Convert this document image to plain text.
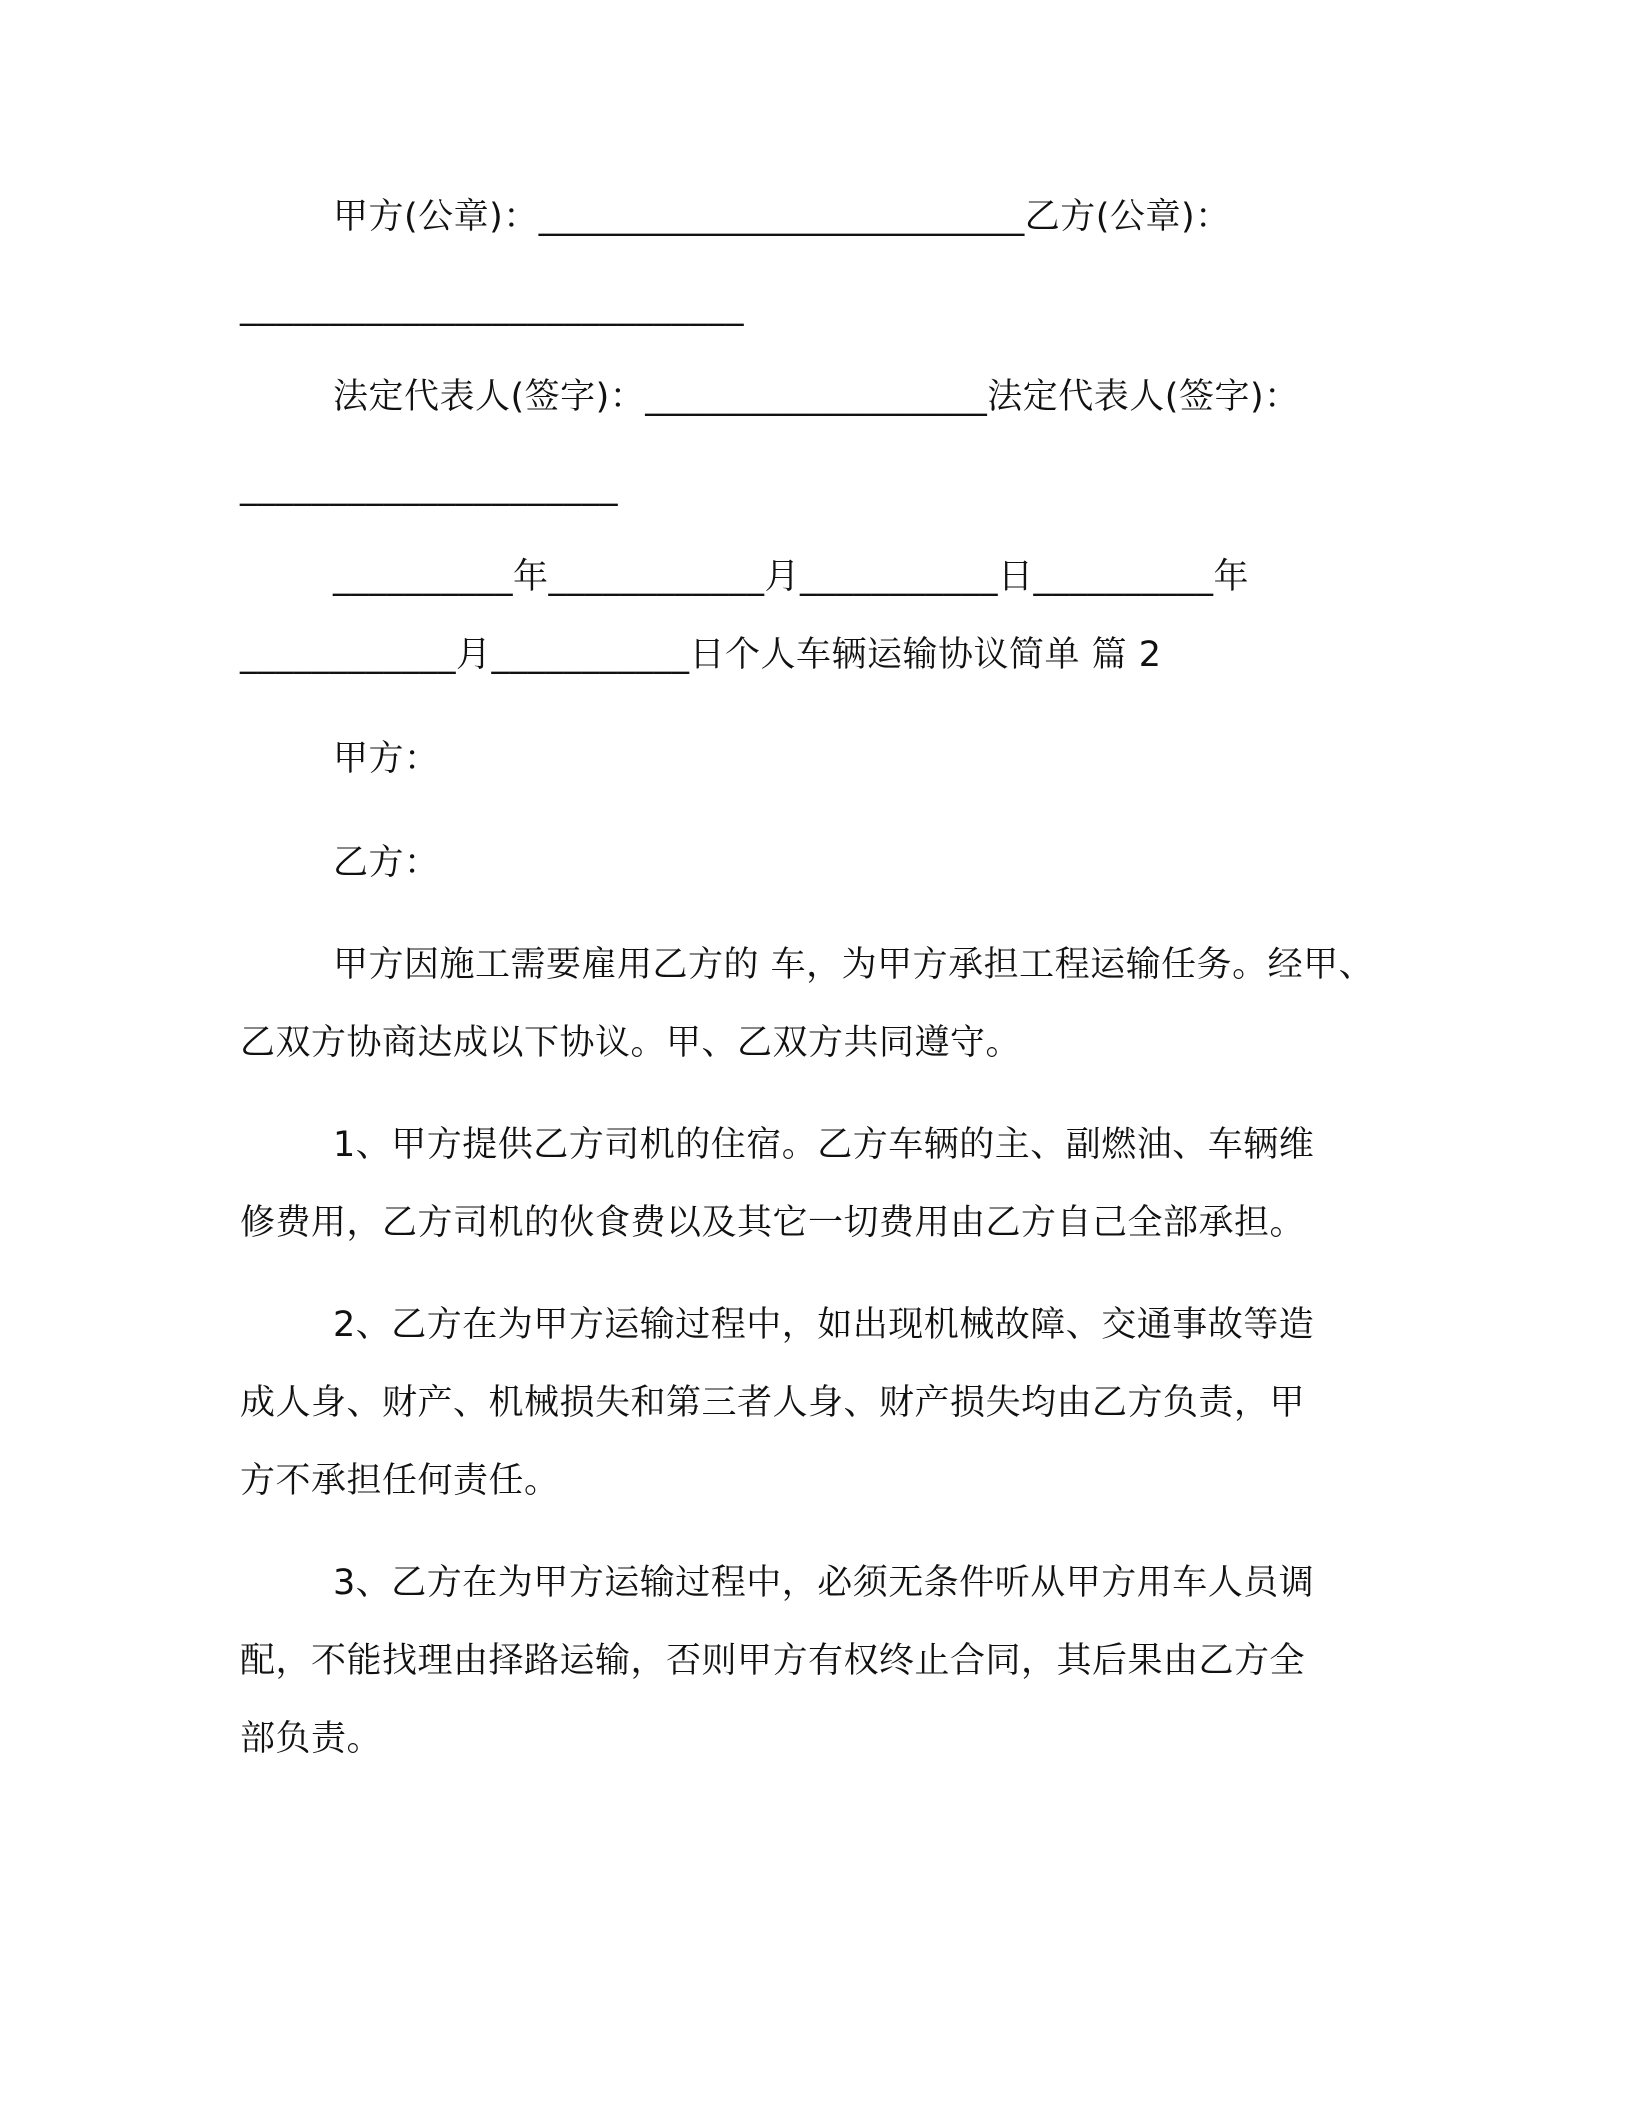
甲方(公章)：___________________________乙方(公章)：
____________________________
法定代表人(签字)：___________________法定代表人(签字)：
_____________________
__________年____________月___________日__________年
____________月___________日个人车辆运输协议简单 篇 2
甲方：
乙方：
甲方因施工需要雇用乙方的 车，为甲方承担工程运输任务。经甲、
乙双方协商达成以下协议。甲、乙双方共同遵守。
1、甲方提供乙方司机的住宿。乙方车辆的主、副燃油、车辆维
修费用，乙方司机的伙食费以及其它一切费用由乙方自己全部承担。
2、乙方在为甲方运输过程中，如出现机械故障、交通事故等造
成人身、财产、机械损失和第三者人身、财产损失均由乙方负责，甲
方不承担任何责任。
3、乙方在为甲方运输过程中，必须无条件听从甲方用车人员调
配，不能找理由择路运输，否则甲方有权终止合同，其后果由乙方全
部负责。
